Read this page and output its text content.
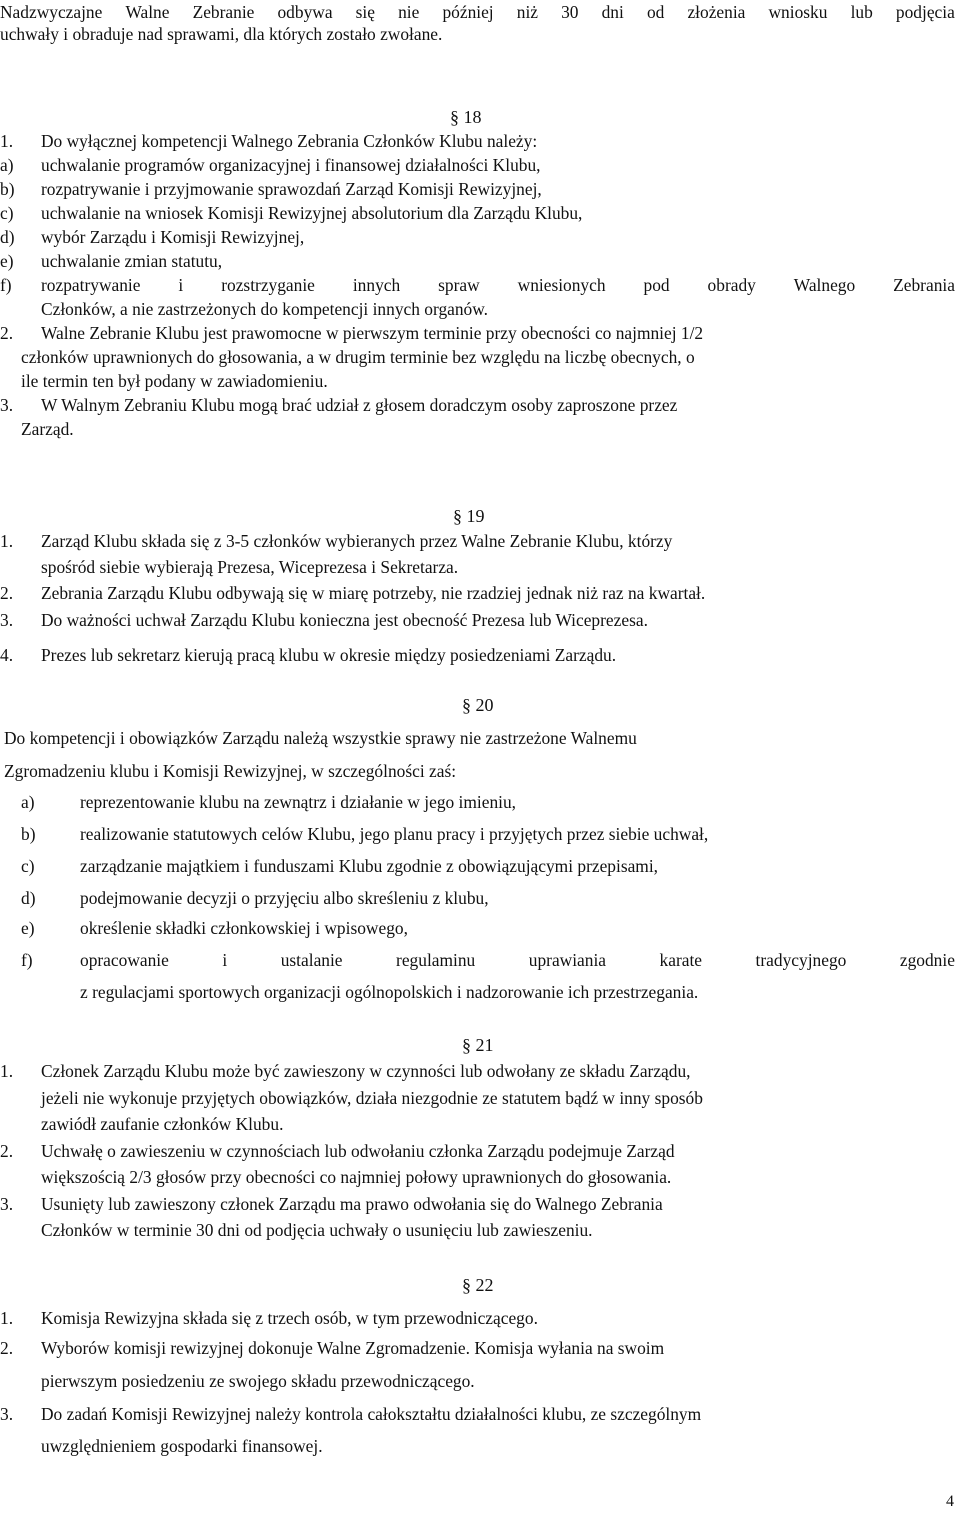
Nadzwyczajne Walne Zebranie odbywa się nie później niż 30 dni od złożenia wniosku lub podjęcia
uchwały i obraduje nad sprawami, dla których zostało zwołane.
§ 18
1. Do wyłącznej kompetencji Walnego Zebrania Członków Klubu należy:
a) uchwalanie programów organizacyjnej i finansowej działalności Klubu,
b) rozpatrywanie i przyjmowanie sprawozdań Zarząd Komisji Rewizyjnej,
c) uchwalanie na wniosek Komisji Rewizyjnej absolutorium dla Zarządu Klubu,
d) wybór Zarządu i Komisji Rewizyjnej,
e) uchwalanie zmian statutu,
f) rozpatrywanie i rozstrzyganie innych spraw wniesionych pod obrady Walnego Zebrania
Członków, a nie zastrzeżonych do kompetencji innych organów.
2. Walne Zebranie Klubu jest prawomocne w pierwszym terminie przy obecności co najmniej 1/2
członków uprawnionych do głosowania, a w drugim terminie bez względu na liczbę obecnych, o
ile termin ten był podany w zawiadomieniu.
3. W Walnym Zebraniu Klubu mogą brać udział z głosem doradczym osoby zaproszone przez
Zarząd.
§ 19
1. Zarząd Klubu składa się z 3-5 członków wybieranych przez Walne Zebranie Klubu, którzy
spośród siebie wybierają Prezesa, Wiceprezesa i Sekretarza.
2. Zebrania Zarządu Klubu odbywają się w miarę potrzeby, nie rzadziej jednak niż raz na kwartał.
3. Do ważności uchwał Zarządu Klubu konieczna jest obecność Prezesa lub Wiceprezesa.
4. Prezes lub sekretarz kierują pracą klubu w okresie między posiedzeniami Zarządu.
§ 20
Do kompetencji i obowiązków Zarządu należą wszystkie sprawy nie zastrzeżone Walnemu
Zgromadzeniu klubu i Komisji Rewizyjnej, w szczególności zaś:
a)	reprezentowanie klubu na zewnątrz i działanie w jego imieniu,
b)	realizowanie statutowych celów Klubu, jego planu pracy i przyjętych przez siebie uchwał,
c)	zarządzanie majątkiem i funduszami Klubu zgodnie z obowiązującymi przepisami,
d)	podejmowanie decyzji o przyjęciu albo skreśleniu z klubu,
e)	określenie składki członkowskiej i wpisowego,
f)	opracowanie	i	ustalanie	regulaminu	uprawiania	karate	tradycyjnego	zgodnie
z regulacjami sportowych organizacji ogólnopolskich i nadzorowanie ich przestrzegania.
§ 21
1. Członek Zarządu Klubu może być zawieszony w czynności lub odwołany ze składu Zarządu,
jeżeli nie wykonuje przyjętych obowiązków, działa niezgodnie ze statutem bądź w inny sposób
zawiódł zaufanie członków Klubu.
2. Uchwałę o zawieszeniu w czynnościach lub odwołaniu członka Zarządu podejmuje Zarząd
większością 2/3 głosów przy obecności co najmniej połowy uprawnionych do głosowania.
3. Usunięty lub zawieszony członek Zarządu ma prawo odwołania się do Walnego Zebrania
Członków w terminie 30 dni od podjęcia uchwały o usunięciu lub zawieszeniu.
§ 22
1. Komisja Rewizyjna składa się z trzech osób, w tym przewodniczącego.
2. Wyborów komisji rewizyjnej dokonuje Walne Zgromadzenie. Komisja wyłania na swoim
pierwszym posiedzeniu ze swojego składu przewodniczącego.
3. Do zadań Komisji Rewizyjnej należy kontrola całokształtu działalności klubu, ze szczególnym
uwzględnieniem gospodarki finansowej.
4
